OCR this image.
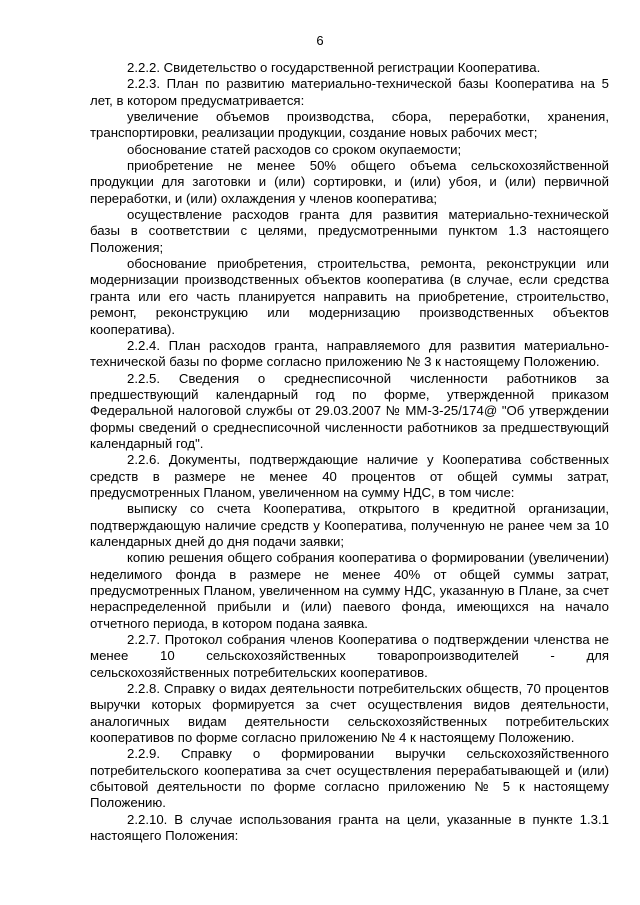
6

2.2.2. Свидетельство о государственной регистрации Кооператива.

2.2.3. План по развитию материально-технической базы Кооператива на 5 лет, в котором предусматривается:

увеличение объемов производства, сбора, переработки, хранения, транспортировки, реализации продукции, создание новых рабочих мест;

обоснование статей расходов со сроком окупаемости;

приобретение не менее 50% общего объема сельскохозяйственной продукции для заготовки и (или) сортировки, и (или) убоя, и (или) первичной переработки, и (или) охлаждения у членов кооператива;

осуществление расходов гранта для развития материально-технической базы в соответствии с целями, предусмотренными пунктом 1.3 настоящего Положения;

обоснование приобретения, строительства, ремонта, реконструкции или модернизации производственных объектов кооператива (в случае, если средства гранта или его часть планируется направить на приобретение, строительство, ремонт, реконструкцию или модернизацию производственных объектов кооператива).

2.2.4. План расходов гранта, направляемого для развития материально-технической базы по форме согласно приложению № 3 к настоящему Положению.

2.2.5. Сведения о среднесписочной численности работников за предшествующий календарный год по форме, утвержденной приказом Федеральной налоговой службы от 29.03.2007 № ММ-3-25/174@ "Об утверждении формы сведений о среднесписочной численности работников за предшествующий календарный год".

2.2.6. Документы, подтверждающие наличие у Кооператива собственных средств в размере не менее 40 процентов от общей суммы затрат, предусмотренных Планом, увеличенном на сумму НДС, в том числе:

выписку со счета Кооператива, открытого в кредитной организации, подтверждающую наличие средств у Кооператива, полученную не ранее чем за 10 календарных дней до дня подачи заявки;

копию решения общего собрания кооператива о формировании (увеличении) неделимого фонда в размере не менее 40% от общей суммы затрат, предусмотренных Планом, увеличенном на сумму НДС, указанную в Плане, за счет нераспределенной прибыли и (или) паевого фонда, имеющихся на начало отчетного периода, в котором подана заявка.

2.2.7. Протокол собрания членов Кооператива о подтверждении членства не менее 10 сельскохозяйственных товаропроизводителей - для сельскохозяйственных потребительских кооперативов.

2.2.8. Справку о видах деятельности потребительских обществ, 70 процентов выручки которых формируется за счет осуществления видов деятельности, аналогичных видам деятельности сельскохозяйственных потребительских кооперативов по форме согласно приложению № 4 к настоящему Положению.

2.2.9. Справку о формировании выручки сельскохозяйственного потребительского кооператива за счет осуществления перерабатывающей и (или) сбытовой деятельности по форме согласно приложению № 5 к настоящему Положению.

2.2.10. В случае использования гранта на цели, указанные в пункте 1.3.1 настоящего Положения:
